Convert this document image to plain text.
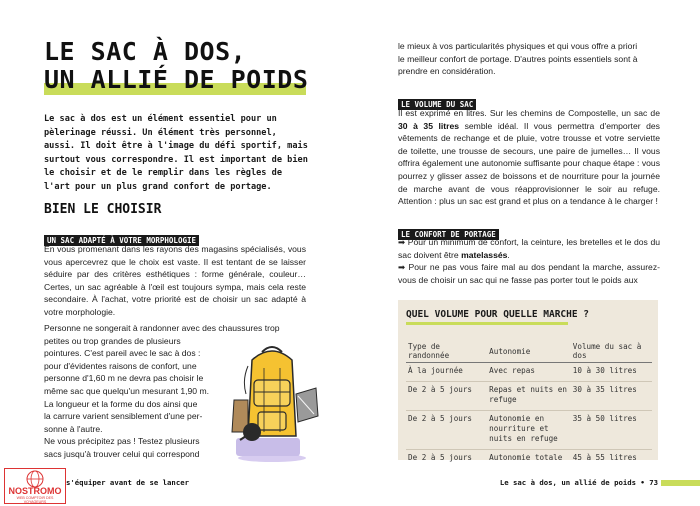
LE SAC À DOS,
UN ALLIÉ DE POIDS
Le sac à dos est un élément essentiel pour un pèlerinage réussi. Un élément très personnel, aussi. Il doit être à l'image du défi sportif, mais surtout vous correspondre. Il est important de bien le choisir et de le remplir dans les règles de l'art pour un plus grand confort de portage.
BIEN LE CHOISIR
UN SAC ADAPTÉ À VOTRE MORPHOLOGIE
En vous promenant dans les rayons des magasins spécialisés, vous vous apercevrez que le choix est vaste. Il est tentant de se laisser séduire par des critères esthétiques : forme générale, couleur… Certes, un sac agréable à l'œil est toujours sympa, mais cela reste secondaire. À l'achat, votre priorité est de choisir un sac adapté à votre morphologie.
Personne ne songerait à randonner avec des chaussures trop
petites ou trop grandes de plusieurs
pointures. C'est pareil avec le sac à dos :
pour d'évidentes raisons de confort, une
personne d'1,60 m ne devra pas choisir le
même sac que quelqu'un mesurant 1,90 m.
La longueur et la forme du dos ainsi que
la carrure varient sensiblement d'une per-
sonne à l'autre.
Ne vous précipitez pas ! Testez plusieurs
sacs jusqu'à trouver celui qui correspond
le mieux à vos particularités physiques et qui vous offre a priori
le meilleur confort de portage. D'autres points essentiels sont à
prendre en considération.
LE VOLUME DU SAC
Il est exprimé en litres. Sur les chemins de Compostelle, un sac de 30 à 35 litres semble idéal. Il vous permettra d'emporter des vêtements de rechange et de pluie, votre trousse et votre serviette de toilette, une trousse de secours, une paire de jumelles… Il vous offrira également une autonomie suffisante pour chaque étape : vous pourrez y glisser assez de boissons et de nourriture pour la journée de marche avant de vous réapprovisionner le soir au refuge. Attention : plus un sac est grand et plus on a tendance à le charger !
LE CONFORT DE PORTAGE
➡ Pour un minimum de confort, la ceinture, les bretelles et le dos du sac doivent être matelassés.
➡ Pour ne pas vous faire mal au dos pendant la marche, assurez-vous de choisir un sac qui ne fasse pas porter tout le poids aux
QUEL VOLUME POUR QUELLE MARCHE ?
Type de randonnée	Autonomie	Volume du sac à dos
À la journée	Avec repas	10 à 30 litres
De 2 à 5 jours	Repas et nuits en refuge	30 à 35 litres
De 2 à 5 jours	Autonomie en nourriture et nuits en refuge	35 à 50 litres
De 2 à 5 jours	Autonomie totale	45 à 55 litres
s'équiper avant de se lancer	Le sac à dos, un allié de poids • 73
NOSTROMO
WEB COMPTOIR DES VOYAGEURS
